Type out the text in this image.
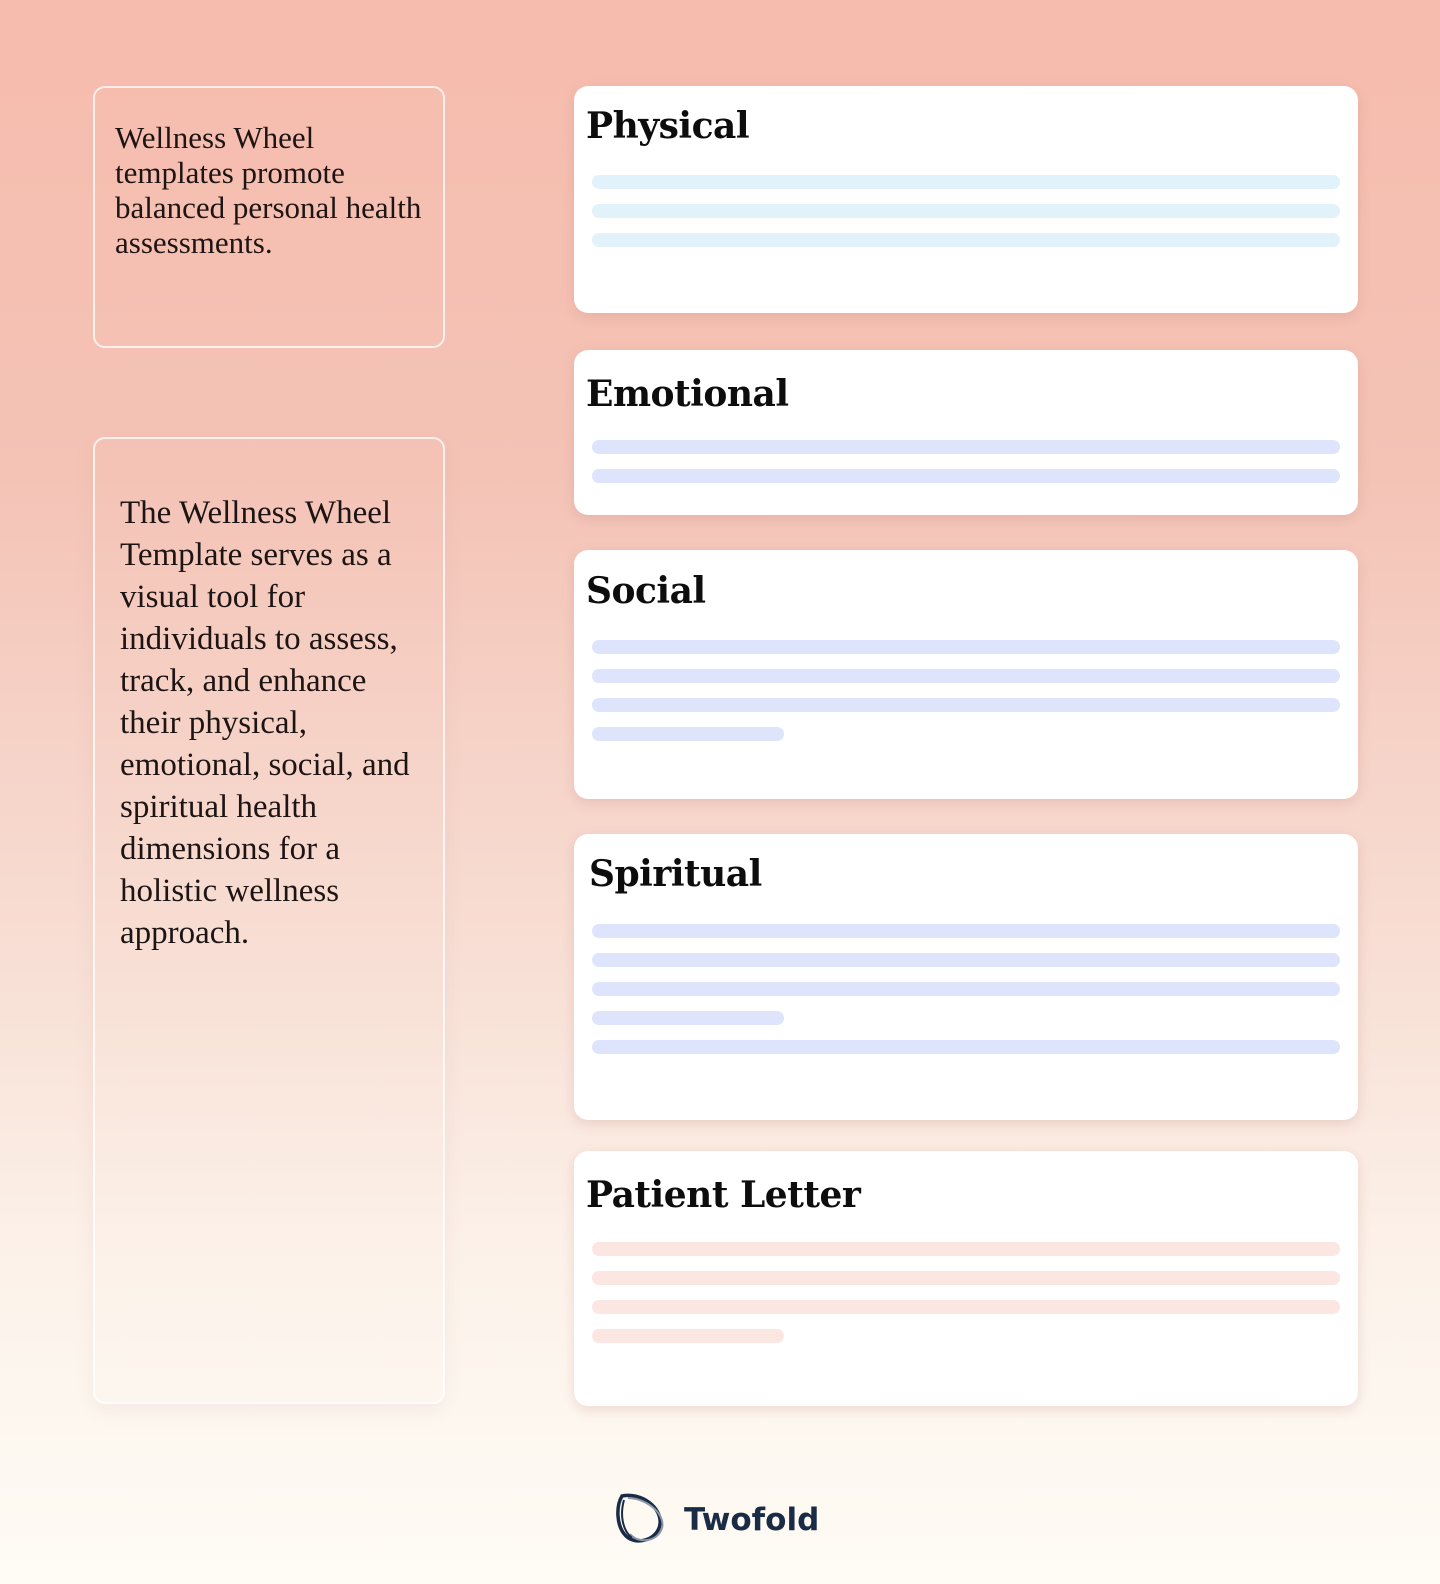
Wellness Wheel templates promote balanced personal health assessments.
The Wellness Wheel Template serves as a visual tool for individuals to assess, track, and enhance their physical, emotional, social, and spiritual health dimensions for a holistic wellness approach.
Physical
Emotional
Social
Spiritual
Patient Letter
Twofold
